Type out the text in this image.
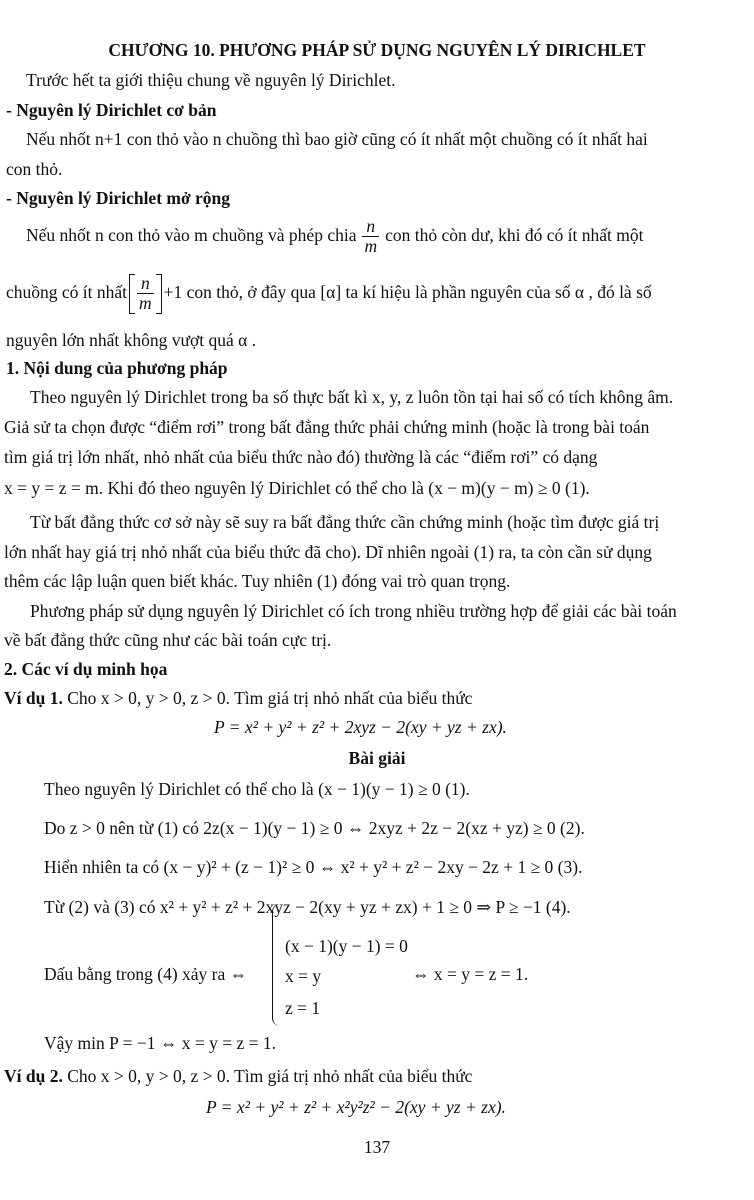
CHƯƠNG 10. PHƯƠNG PHÁP SỬ DỤNG NGUYÊN LÝ DIRICHLET
Trước hết ta giới thiệu chung về nguyên lý Dirichlet.
- Nguyên lý Dirichlet cơ bản
Nếu nhốt n+1 con thỏ vào n chuồng thì bao giờ cũng có ít nhất một chuồng có ít nhất hai
con thỏ.
- Nguyên lý Dirichlet mở rộng
Nếu nhốt n con thỏ vào m chuồng và phép chia $\frac{n}{m}$ con thỏ còn dư, khi đó có ít nhất một
chuồng có ít nhất $\frac{n}{m} +1$ con thỏ, ở đây qua [α] ta kí hiệu là phần nguyên của số α , đó là số
nguyên lớn nhất không vượt quá α .
1. Nội dung của phương pháp
Theo nguyên lý Dirichlet trong ba số thực bất kì x, y, z luôn tồn tại hai số có tích không âm.
Giả sử ta chọn được “điểm rơi” trong bất đẳng thức phải chứng minh (hoặc là trong bài toán
tìm giá trị lớn nhất, nhỏ nhất của biểu thức nào đó) thường là các “điểm rơi” có dạng
x = y = z = m. Khi đó theo nguyên lý Dirichlet có thể cho là (x − m)(y − m) ≥ 0 (1).
Từ bất đẳng thức cơ sở này sẽ suy ra bất đẳng thức cần chứng minh (hoặc tìm được giá trị
lớn nhất hay giá trị nhỏ nhất của biểu thức đã cho). Dĩ nhiên ngoài (1) ra, ta còn cần sử dụng
thêm các lập luận quen biết khác. Tuy nhiên (1) đóng vai trò quan trọng.
Phương pháp sử dụng nguyên lý Dirichlet có ích trong nhiều trường hợp để giải các bài toán
về bất đẳng thức cũng như các bài toán cực trị.
2. Các ví dụ minh họa
Ví dụ 1. Cho x > 0, y > 0, z > 0. Tìm giá trị nhỏ nhất của biểu thức
P = x² + y² + z² + 2xyz − 2(xy + yz + zx).
Bài giải
Theo nguyên lý Dirichlet có thể cho là (x − 1)(y − 1) ≥ 0 (1).
Do z > 0 nên từ (1) có 2z(x − 1)(y − 1) ≥ 0 ⇔ 2xyz + 2z − 2(xz + yz) ≥ 0 (2).
Hiển nhiên ta có (x − y)² + (z − 1)² ≥ 0 ⇔ x² + y² + z² − 2xy − 2z + 1 ≥ 0 (3).
Từ (2) và (3) có x² + y² + z² + 2xyz − 2(xy + yz + zx) + 1 ≥ 0 ⇒ P ≥ −1 (4).
Dấu bằng trong (4) xảy ra ⇔
(x − 1)(y − 1) = 0
x = y
z = 1
⇔ x = y = z = 1.
Vậy min P = −1 ⇔ x = y = z = 1.
Ví dụ 2. Cho x > 0, y > 0, z > 0. Tìm giá trị nhỏ nhất của biểu thức
P = x² + y² + z² + x²y²z² − 2(xy + yz + zx).
137
